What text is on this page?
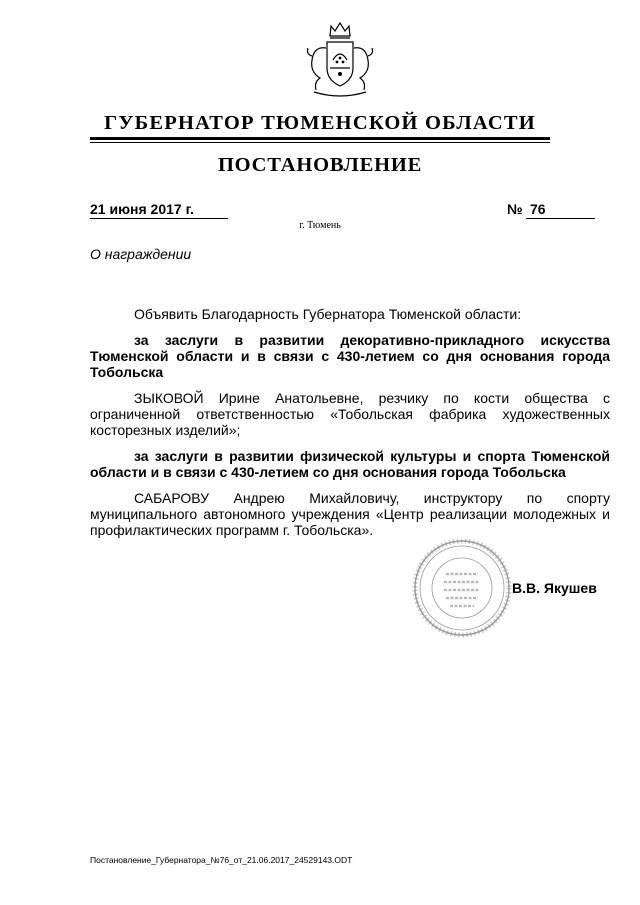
ГУБЕРНАТОР ТЮМЕНСКОЙ ОБЛАСТИ
ПОСТАНОВЛЕНИЕ
21 июня 2017 г.	№ 76
г. Тюмень
О награждении

Объявить Благодарность Губернатора Тюменской области:

за заслуги в развитии декоративно-прикладного искусства Тюменской области и в связи с 430-летием со дня основания города Тобольска

ЗЫКОВОЙ Ирине Анатольевне, резчику по кости общества с ограниченной ответственностью «Тобольская фабрика художественных косторезных изделий»;

за заслуги в развитии физической культуры и спорта Тюменской области и в связи с 430-летием со дня основания города Тобольска

САБАРОВУ Андрею Михайловичу, инструктору по спорту муниципального автономного учреждения «Центр реализации молодежных и профилактических программ г. Тобольска».

В.В. Якушев
Постановление_Губернатора_№76_от_21.06.2017_24529143.ODT
